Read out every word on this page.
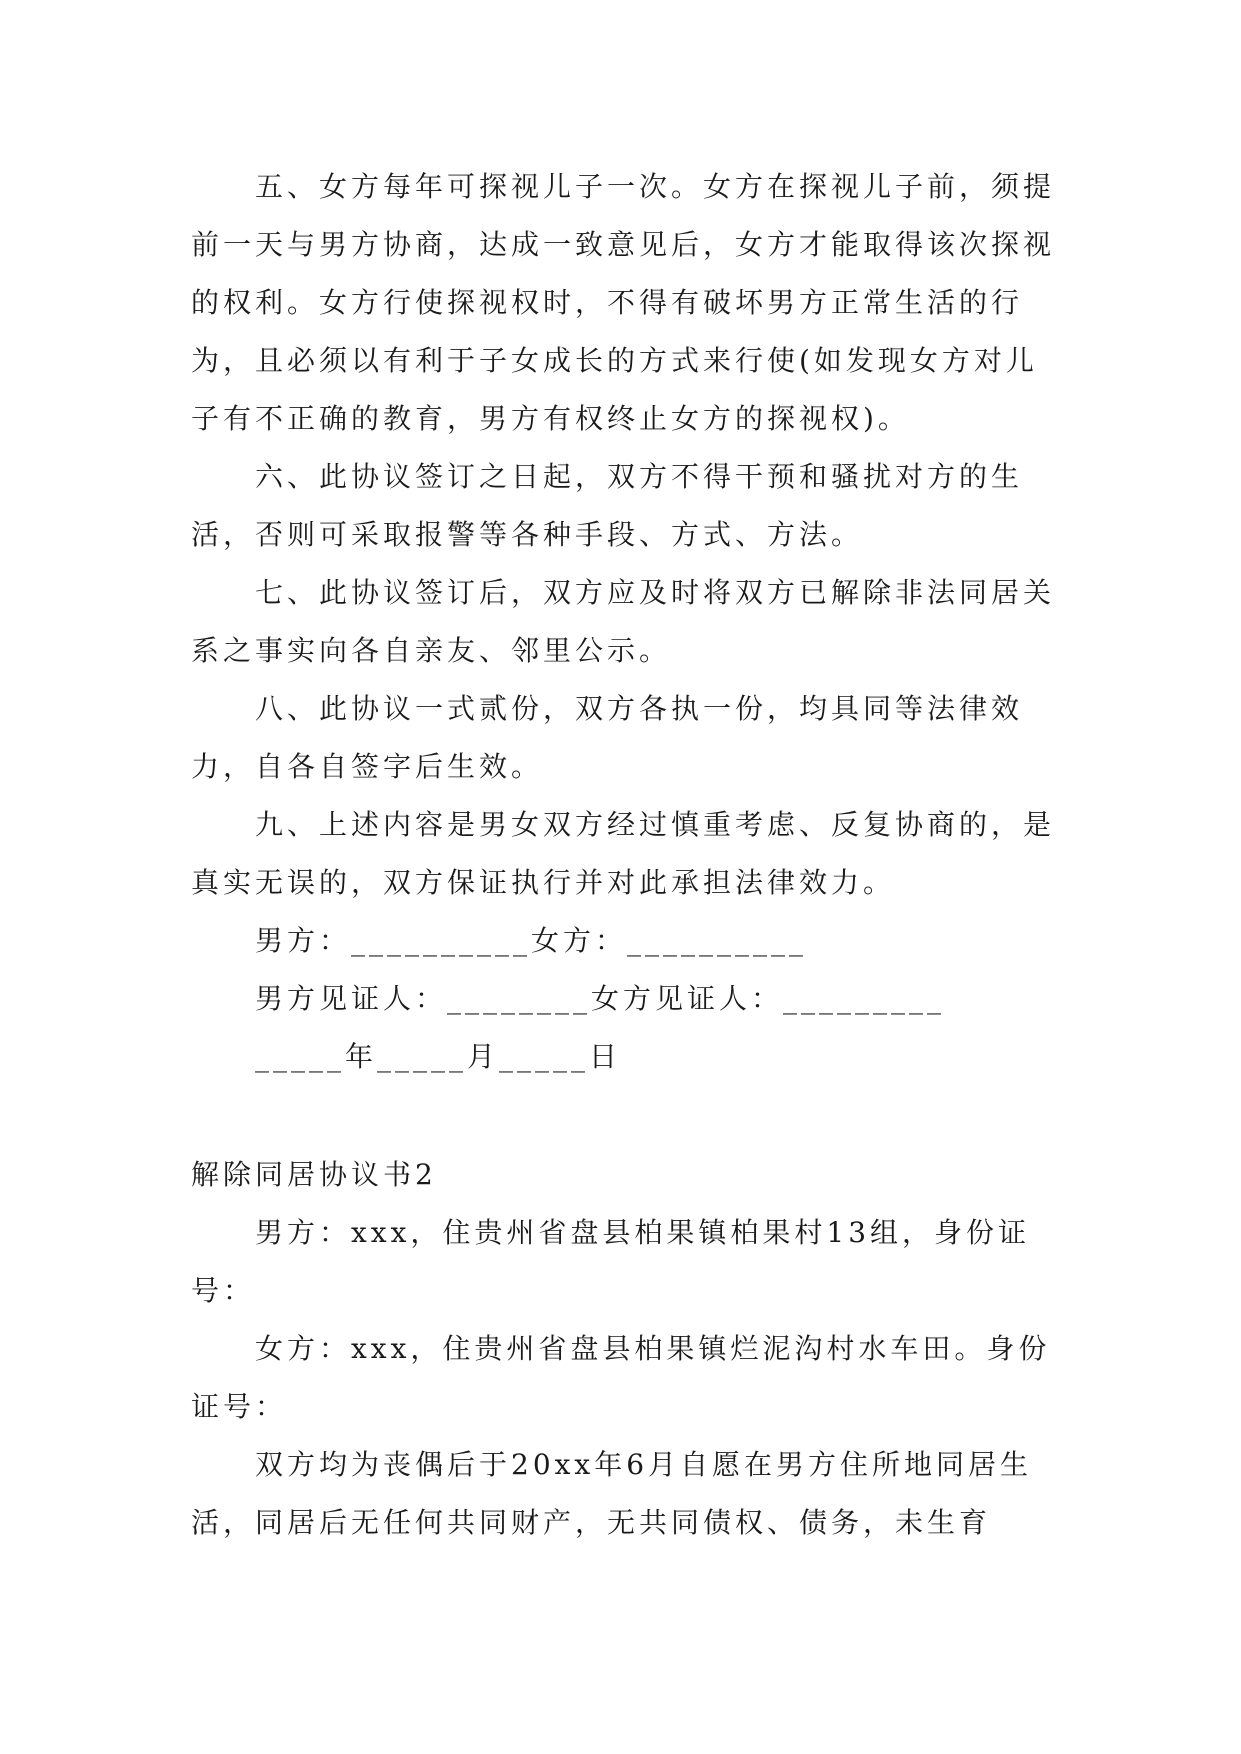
五、女方每年可探视儿子一次。女方在探视儿子前，须提前一天与男方协商，达成一致意见后，女方才能取得该次探视的权利。女方行使探视权时，不得有破坏男方正常生活的行为，且必须以有利于子女成长的方式来行使(如发现女方对儿子有不正确的教育，男方有权终止女方的探视权)。

六、此协议签订之日起，双方不得干预和骚扰对方的生活，否则可采取报警等各种手段、方式、方法。

七、此协议签订后，双方应及时将双方已解除非法同居关系之事实向各自亲友、邻里公示。

八、此协议一式贰份，双方各执一份，均具同等法律效力，自各自签字后生效。

九、上述内容是男女双方经过慎重考虑、反复协商的，是真实无误的，双方保证执行并对此承担法律效力。

男方：__________女方：__________

男方见证人：________女方见证人：_________

_____年_____月_____日

解除同居协议书2

男方：xxx，住贵州省盘县柏果镇柏果村13组，身份证号：

女方：xxx，住贵州省盘县柏果镇烂泥沟村水车田。身份证号：

双方均为丧偶后于20xx年6月自愿在男方住所地同居生活，同居后无任何共同财产，无共同债权、债务，未生育
